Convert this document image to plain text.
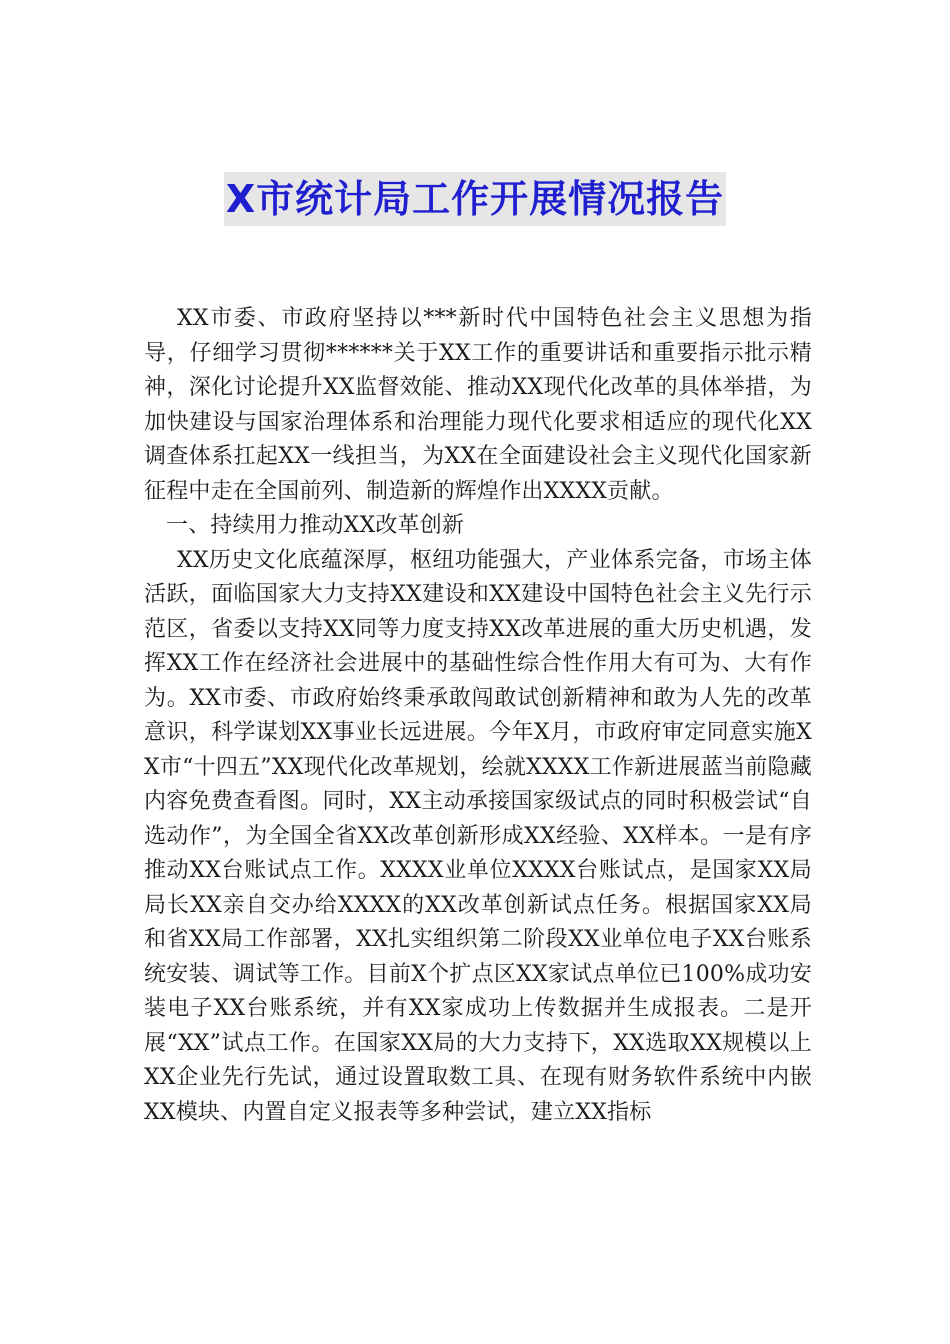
X市统计局工作开展情况报告

XX市委、市政府坚持以***新时代中国特色社会主义思想为指导，仔细学习贯彻******关于XX工作的重要讲话和重要指示批示精神，深化讨论提升XX监督效能、推动XX现代化改革的具体举措，为加快建设与国家治理体系和治理能力现代化要求相适应的现代化XX调查体系扛起XX一线担当，为XX在全面建设社会主义现代化国家新征程中走在全国前列、制造新的辉煌作出XXXX贡献。

一、持续用力推动XX改革创新

XX历史文化底蕴深厚，枢纽功能强大，产业体系完备，市场主体活跃，面临国家大力支持XX建设和XX建设中国特色社会主义先行示范区，省委以支持XX同等力度支持XX改革进展的重大历史机遇，发挥XX工作在经济社会进展中的基础性综合性作用大有可为、大有作为。XX市委、市政府始终秉承敢闯敢试创新精神和敢为人先的改革意识，科学谋划XX事业长远进展。今年X月，市政府审定同意实施XX市“十四五”XX现代化改革规划，绘就XXXX工作新进展蓝当前隐藏内容免费查看图。同时，XX主动承接国家级试点的同时积极尝试“自选动作”，为全国全省XX改革创新形成XX经验、XX样本。一是有序推动XX台账试点工作。XXXX业单位XXXX台账试点，是国家XX局局长XX亲自交办给XXXX的XX改革创新试点任务。根据国家XX局和省XX局工作部署，XX扎实组织第二阶段XX业单位电子XX台账系统安装、调试等工作。目前X个扩点区XX家试点单位已100%成功安装电子XX台账系统，并有XX家成功上传数据并生成报表。二是开展“XX”试点工作。在国家XX局的大力支持下，XX选取XX规模以上XX企业先行先试，通过设置取数工具、在现有财务软件系统中内嵌XX模块、内置自定义报表等多种尝试，建立XX指标
